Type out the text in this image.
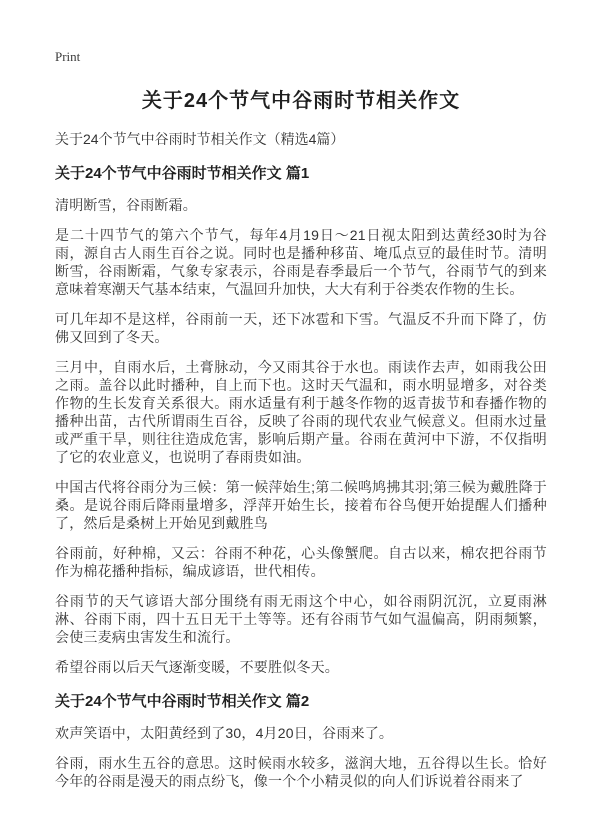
Print
关于24个节气中谷雨时节相关作文

关于24个节气中谷雨时节相关作文（精选4篇）

关于24个节气中谷雨时节相关作文 篇1

清明断雪，谷雨断霜。

是二十四节气的第六个节气，每年4月19日～21日视太阳到达黄经30时为谷雨，源自古人雨生百谷之说。同时也是播种移苗、埯瓜点豆的最佳时节。清明断雪，谷雨断霜，气象专家表示，谷雨是春季最后一个节气，谷雨节气的到来意味着寒潮天气基本结束，气温回升加快，大大有利于谷类农作物的生长。

可几年却不是这样，谷雨前一天，还下冰雹和下雪。气温反不升而下降了，仿佛又回到了冬天。

三月中，自雨水后，土膏脉动，今又雨其谷于水也。雨读作去声，如雨我公田之雨。盖谷以此时播种，自上而下也。这时天气温和，雨水明显增多，对谷类作物的生长发育关系很大。雨水适量有利于越冬作物的返青拔节和春播作物的播种出苗，古代所谓雨生百谷，反映了谷雨的现代农业气候意义。但雨水过量或严重干旱，则往往造成危害，影响后期产量。谷雨在黄河中下游，不仅指明了它的农业意义，也说明了春雨贵如油。

中国古代将谷雨分为三候：第一候萍始生;第二候鸣鸠拂其羽;第三候为戴胜降于桑。是说谷雨后降雨量增多，浮萍开始生长，接着布谷鸟便开始提醒人们播种了，然后是桑树上开始见到戴胜鸟

谷雨前，好种棉，又云：谷雨不种花，心头像蟹爬。自古以来，棉农把谷雨节作为棉花播种指标，编成谚语，世代相传。

谷雨节的天气谚语大部分围绕有雨无雨这个中心，如谷雨阴沉沉，立夏雨淋淋、谷雨下雨，四十五日无干土等等。还有谷雨节气如气温偏高，阴雨频繁，会使三麦病虫害发生和流行。

希望谷雨以后天气逐渐变暖，不要胜似冬天。

关于24个节气中谷雨时节相关作文 篇2

欢声笑语中，太阳黄经到了30，4月20日，谷雨来了。

谷雨，雨水生五谷的意思。这时候雨水较多，滋润大地，五谷得以生长。恰好今年的谷雨是漫天的雨点纷飞，像一个个小精灵似的向人们诉说着谷雨来了
